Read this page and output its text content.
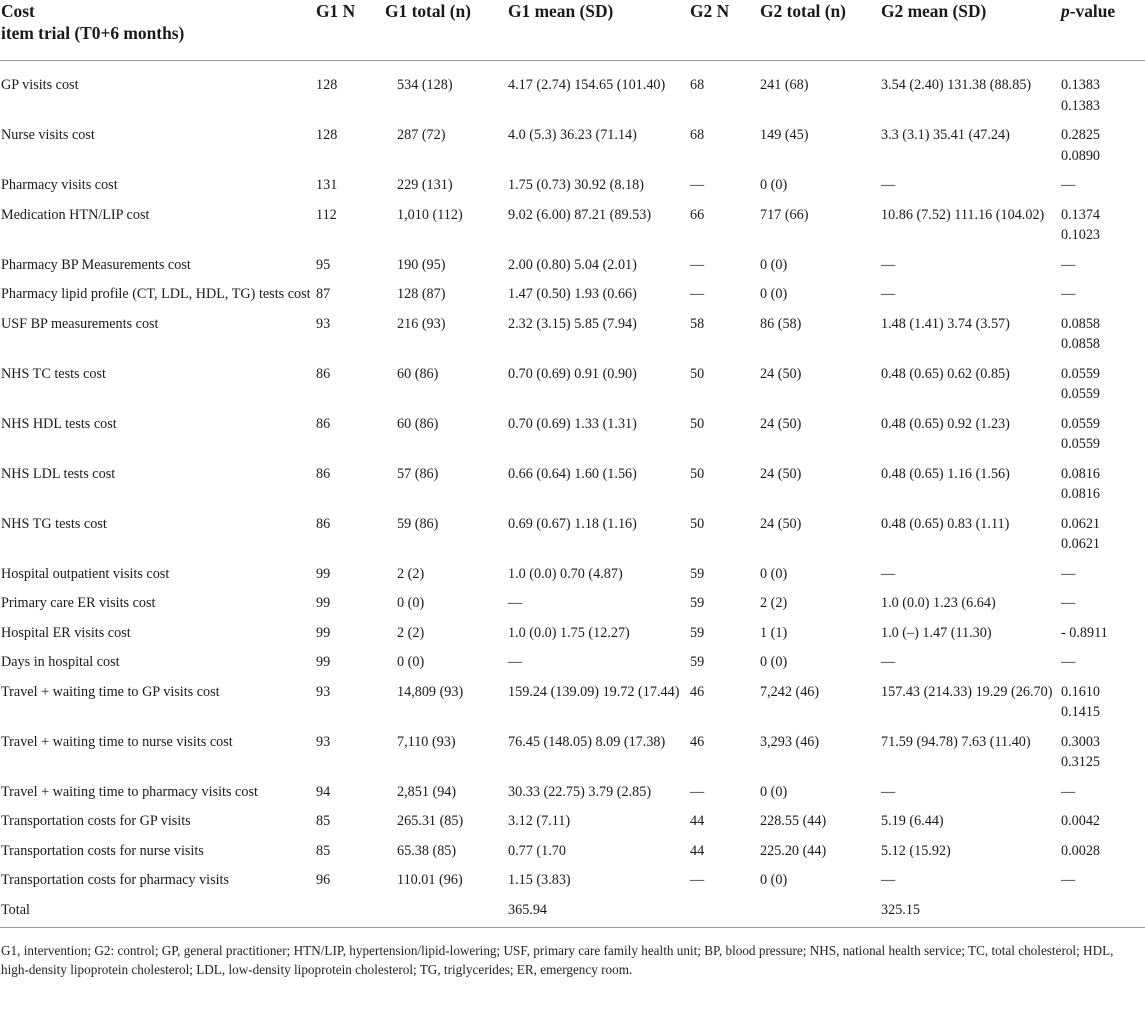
Cost
item trial (T0+6 months)	G1 N	G1 total (n)	G1 mean (SD)	G2 N	G2 total (n)	G2 mean (SD)	p-value

GP visits cost	128	534 (128)	4.17 (2.74) 154.65 (101.40)	68	241 (68)	3.54 (2.40) 131.38 (88.85)	0.1383 0.1383
Nurse visits cost	128	287 (72)	4.0 (5.3) 36.23 (71.14)	68	149 (45)	3.3 (3.1) 35.41 (47.24)	0.2825 0.0890
Pharmacy visits cost	131	229 (131)	1.75 (0.73) 30.92 (8.18)	—	0 (0)	—	—
Medication HTN/LIP cost	112	1,010 (112)	9.02 (6.00) 87.21 (89.53)	66	717 (66)	10.86 (7.52) 111.16 (104.02)	0.1374 0.1023
Pharmacy BP Measurements cost	95	190 (95)	2.00 (0.80) 5.04 (2.01)	—	0 (0)	—	—
Pharmacy lipid profile (CT, LDL, HDL, TG) tests cost	87	128 (87)	1.47 (0.50) 1.93 (0.66)	—	0 (0)	—	—
USF BP measurements cost	93	216 (93)	2.32 (3.15) 5.85 (7.94)	58	86 (58)	1.48 (1.41) 3.74 (3.57)	0.0858 0.0858
NHS TC tests cost	86	60 (86)	0.70 (0.69) 0.91 (0.90)	50	24 (50)	0.48 (0.65) 0.62 (0.85)	0.0559 0.0559
NHS HDL tests cost	86	60 (86)	0.70 (0.69) 1.33 (1.31)	50	24 (50)	0.48 (0.65) 0.92 (1.23)	0.0559 0.0559
NHS LDL tests cost	86	57 (86)	0.66 (0.64) 1.60 (1.56)	50	24 (50)	0.48 (0.65) 1.16 (1.56)	0.0816 0.0816
NHS TG tests cost	86	59 (86)	0.69 (0.67) 1.18 (1.16)	50	24 (50)	0.48 (0.65) 0.83 (1.11)	0.0621 0.0621
Hospital outpatient visits cost	99	2 (2)	1.0 (0.0) 0.70 (4.87)	59	0 (0)	—	—
Primary care ER visits cost	99	0 (0)	—	59	2 (2)	1.0 (0.0) 1.23 (6.64)	—
Hospital ER visits cost	99	2 (2)	1.0 (0.0) 1.75 (12.27)	59	1 (1)	1.0 (–) 1.47 (11.30)	- 0.8911
Days in hospital cost	99	0 (0)	—	59	0 (0)	—	—
Travel + waiting time to GP visits cost	93	14,809 (93)	159.24 (139.09) 19.72 (17.44)	46	7,242 (46)	157.43 (214.33) 19.29 (26.70)	0.1610 0.1415
Travel + waiting time to nurse visits cost	93	7,110 (93)	76.45 (148.05) 8.09 (17.38)	46	3,293 (46)	71.59 (94.78) 7.63 (11.40)	0.3003 0.3125
Travel + waiting time to pharmacy visits cost	94	2,851 (94)	30.33 (22.75) 3.79 (2.85)	—	0 (0)	—	—
Transportation costs for GP visits	85	265.31 (85)	3.12 (7.11)	44	228.55 (44)	5.19 (6.44)	0.0042
Transportation costs for nurse visits	85	65.38 (85)	0.77 (1.70	44	225.20 (44)	5.12 (15.92)	0.0028
Transportation costs for pharmacy visits	96	110.01 (96)	1.15 (3.83)	—	0 (0)	—	—
Total			365.94			325.15	
G1, intervention; G2: control; GP, general practitioner; HTN/LIP, hypertension/lipid-lowering; USF, primary care family health unit; BP, blood pressure; NHS, national health service; TC, total cholesterol; HDL, high-density lipoprotein cholesterol; LDL, low-density lipoprotein cholesterol; TG, triglycerides; ER, emergency room.
